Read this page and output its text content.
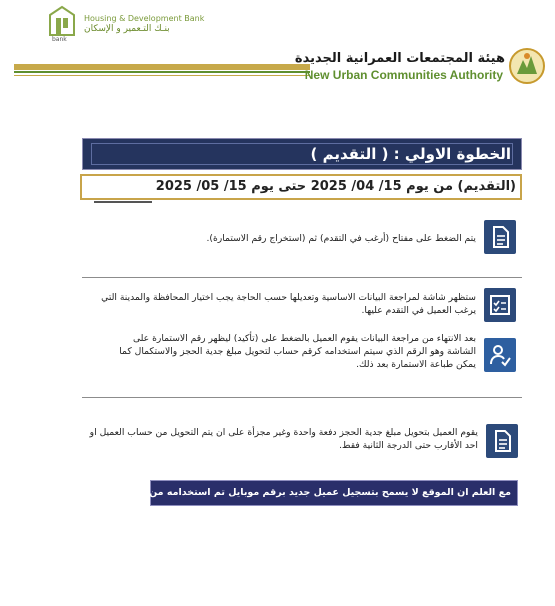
bank
Housing & Development Bank
بنـك التـعمير و الإسكان
هيئة المجتمعات العمرانية الجديدة
New Urban Communities Authority
الخطوة الاولي : ( التقديم )
(التقديم) من يوم 15/ 04/ 2025 حتى يوم 15/ 05/ 2025
يتم الضغط على مفتاح (أرغب في التقدم) ثم (استخراج رقم الاستمارة).
ستظهر شاشة لمراجعة البيانات الاساسية وتعديلها حسب الحاجة يجب اختيار المحافظة والمدينة التي يرغب العميل في التقدم عليها.
بعد الانتهاء من مراجعة البيانات يقوم العميل بالضغط على (تأكيد) ليظهر رقم الاستمارة على الشاشة وهو الرقم الذي سيتم استخدامه كرقم حساب لتحويل مبلغ جدية الحجز والاستكمال كما يمكن طباعة الاستمارة بعد ذلك.
يقوم العميل بتحويل مبلغ جدية الحجز دفعة واحدة وغير مجزأة على ان يتم التحويل من حساب العميل او احد الأقارب حتى الدرجة الثانية فقط.
مع العلم ان الموقع لا يسمح بتسجيل عميل جديد برقم موبايل تم استخدامه من قبل
